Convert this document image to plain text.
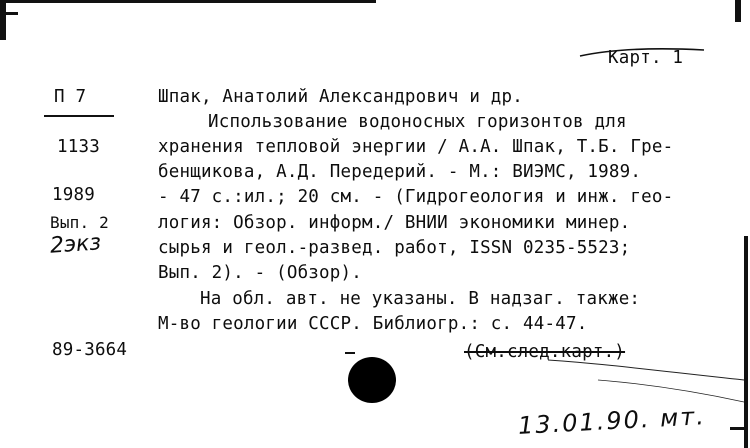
Карт. 1
П 7
1133
1989
Вып. 2
2экз
Шпак, Анатолий Александрович и др.
Использование водоносных горизонтов для
хранения тепловой энергии / А.А. Шпак, Т.Б. Гре-
бенщикова, А.Д. Передерий. - М.: ВИЭМС, 1989.
- 47 с.:ил.; 20 см. - (Гидрогеология и инж. гео-
логия: Обзор. информ./ ВНИИ экономики минер.
сырья и геол.-развед. работ, ISSN 0235-5523;
Вып. 2). - (Обзор).
На обл. авт. не указаны. В надзаг. также:
М-во геологии СССР. Библиогр.: с. 44-47.
89-3664	(См.след.карт.)
13.01.90. мт.
